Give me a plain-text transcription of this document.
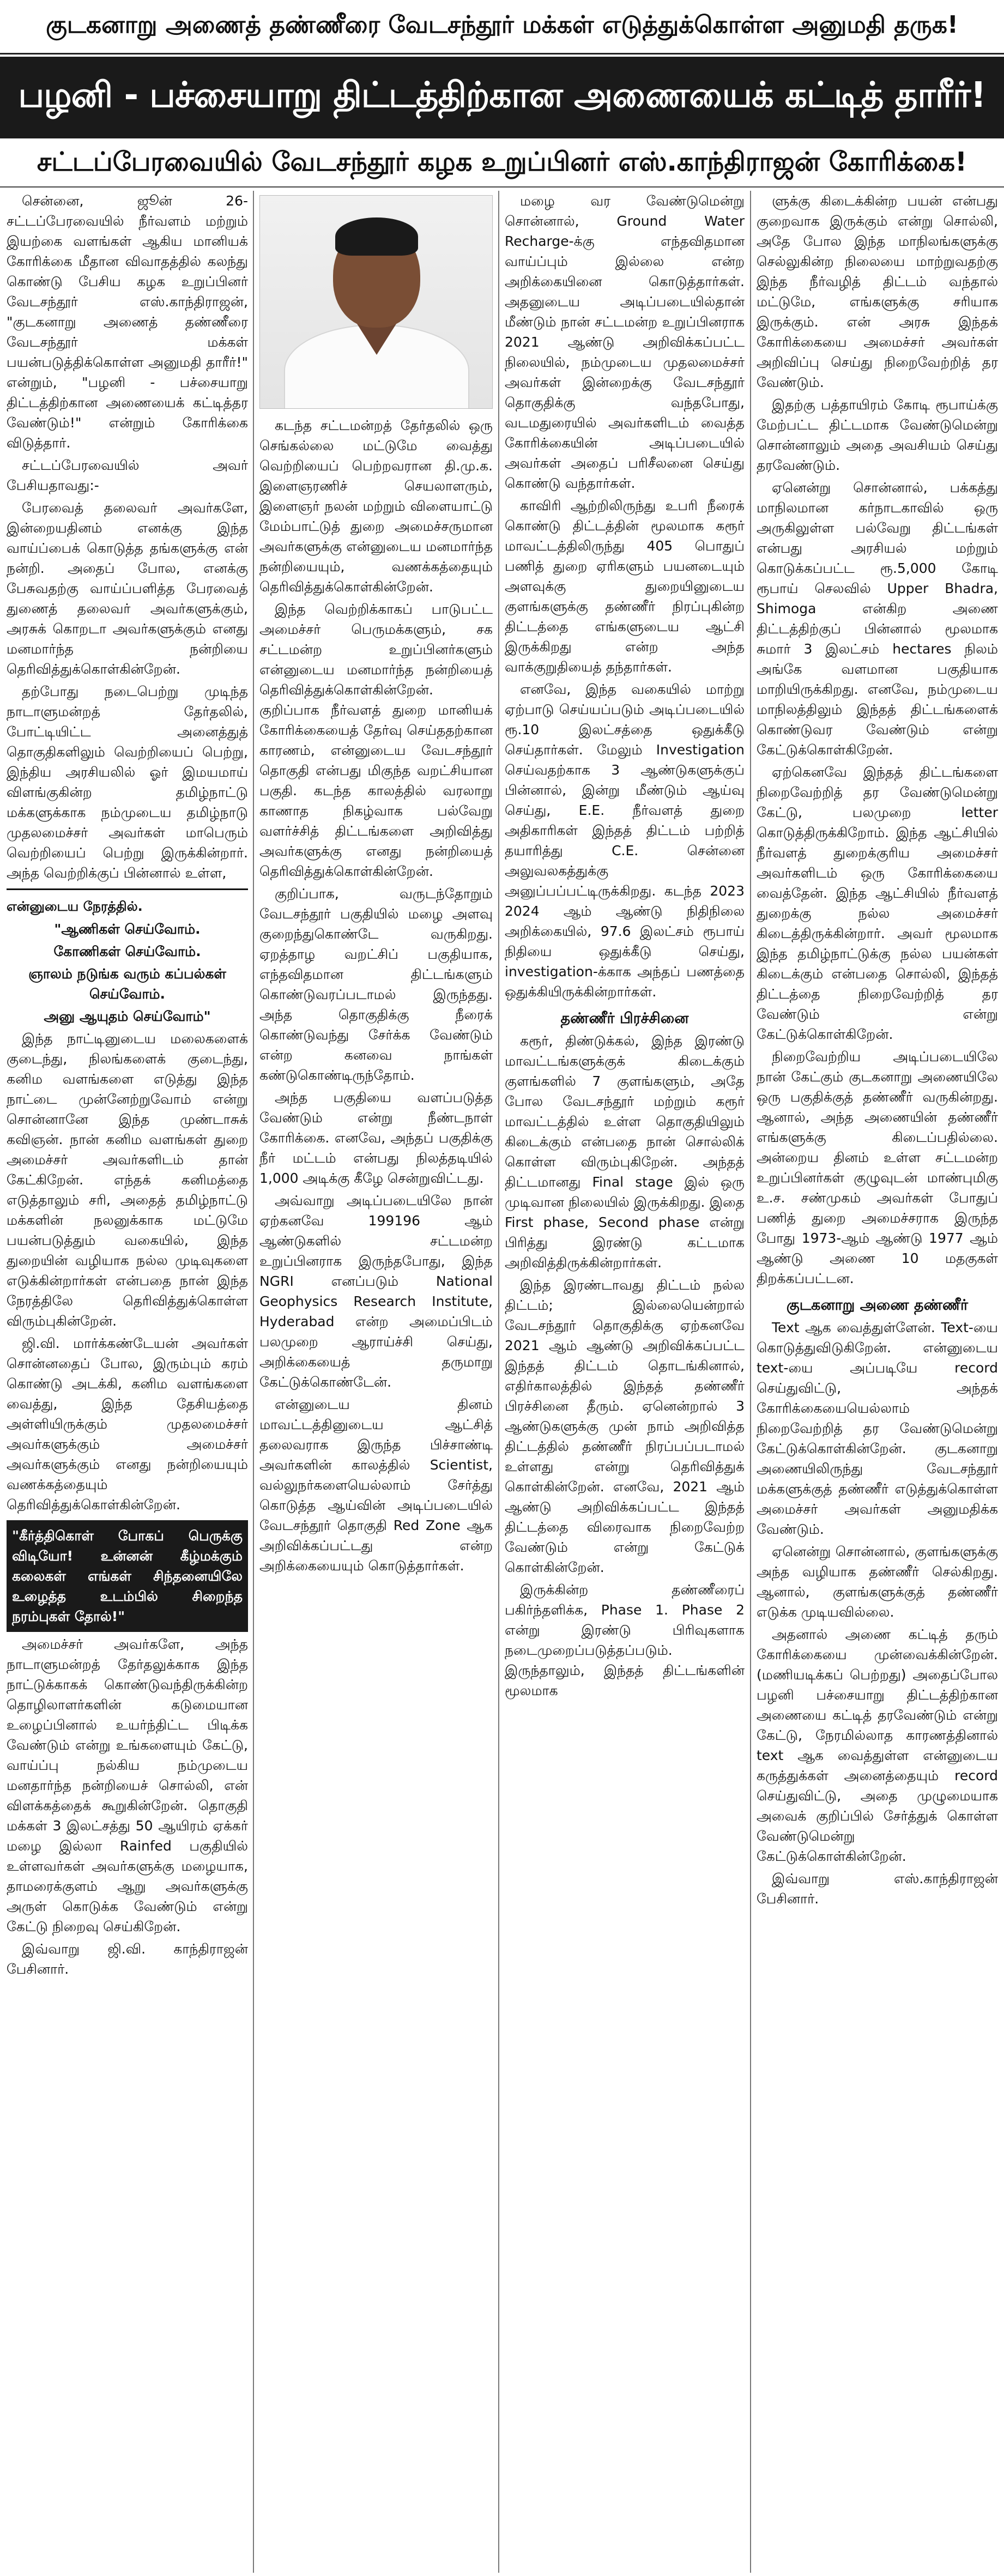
குடகனாறு அணைத் தண்ணீரை வேடசந்தூர் மக்கள் எடுத்துக்கொள்ள அனுமதி தருக!
பழனி - பச்சையாறு திட்டத்திற்கான அணையைக் கட்டித் தாரீர்!
சட்டப்பேரவையில் வேடசந்தூர் கழக உறுப்பினர் எஸ்.காந்திராஜன் கோரிக்கை!

சென்னை, ஜூன் 26- சட்டப்பேரவையில் நீர்வளம் மற்றும் இயற்கை வளங்கள் ஆகிய மானியக் கோரிக்கை மீதான விவாதத்தில் கலந்து கொண்டு பேசிய கழக உறுப்பினர் வேடசந்தூர் எஸ்.காந்திராஜன், "குடகனாறு அணைத் தண்ணீரை வேடசந்தூர் மக்கள் பயன்படுத்திக்கொள்ள அனுமதி தாரீர்!" என்றும், "பழனி - பச்சையாறு திட்டத்திற்கான அணையைக் கட்டித்தர வேண்டும்!" என்றும் கோரிக்கை விடுத்தார்.

சட்டப்பேரவையில் அவர் பேசியதாவது:-

பேரவைத் தலைவர் அவர்களே, இன்றையதினம் எனக்கு இந்த வாய்ப்பைக் கொடுத்த தங்களுக்கு என் நன்றி. அதைப் போல, எனக்கு பேசுவதற்கு வாய்ப்பளித்த பேரவைத் துணைத் தலைவர் அவர்களுக்கும், அரசுக் கொறடா அவர்களுக்கும் எனது மனமார்ந்த நன்றியை தெரிவித்துக்கொள்கின்றேன்.

தற்போது நடைபெற்று முடிந்த நாடாளுமன்றத் தேர்தலில், போட்டியிட்ட அனைத்துத் தொகுதிகளிலும் வெற்றியைப் பெற்று, இந்திய அரசியலில் ஓர் இமயமாய் விளங்குகின்ற தமிழ்நாட்டு மக்களுக்காக நம்முடைய தமிழ்நாடு முதலமைச்சர் அவர்கள் மாபெரும் வெற்றியைப் பெற்று இருக்கின்றார். அந்த வெற்றிக்குப் பின்னால் உள்ள,

என்னுடைய நேரத்தில்.

"ஆணிகள் செய்வோம்.

கோணிகள் செய்வோம்.

ஞாலம் நடுங்க வரும் கப்பல்கள் செய்வோம்.

அனு ஆயுதம் செய்வோம்"

இந்த நாட்டினுடைய மலைகளைக் குடைந்து, நிலங்களைக் குடைந்து, கனிம வளங்களை எடுத்து இந்த நாட்டை முன்னேற்றுவோம் என்று சொன்னானே இந்த முண்டாசுக் கவிஞன். நான் கனிம வளங்கள் துறை அமைச்சர் அவர்களிடம் தான் கேட்கிறேன். எந்தக் கனிமத்தை எடுத்தாலும் சரி, அதைத் தமிழ்நாட்டு மக்களின் நலனுக்காக மட்டுமே பயன்படுத்தும் வகையில், இந்த துறையின் வழியாக நல்ல முடிவுகளை எடுக்கின்றார்கள் என்பதை நான் இந்த நேரத்திலே தெரிவித்துக்கொள்ள விரும்புகின்றேன்.

ஜி.வி. மார்க்கண்டேயன் அவர்கள் சொன்னதைப் போல, இரும்பும் கரம் கொண்டு அடக்கி, கனிம வளங்களை வைத்து, இந்த தேசியத்தை அள்ளியிருக்கும் முதலமைச்சர் அவர்களுக்கும் அமைச்சர் அவர்களுக்கும் எனது நன்றியையும் வணக்கத்தையும் தெரிவித்துக்கொள்கின்றேன்.

"கீர்த்திகொள் போகப் பெருக்கு விடியோ! உன்னன் கீழ்மக்கும் கலைகள் எங்கள் சிந்தனையிலே உழைத்த உடம்பில் சிறைந்த நரம்புகள் தோல்!"

அமைச்சர் அவர்களே, அந்த நாடாளுமன்றத் தேர்தலுக்காக இந்த நாட்டுக்காகக் கொண்டுவந்திருக்கின்ற தொழிலாளர்களின் கடுமையான உழைப்பினால் உயர்ந்திட்ட பிடிக்க வேண்டும் என்று உங்களையும் கேட்டு, வாய்ப்பு நல்கிய நம்முடைய மனதார்ந்த நன்றியைச் சொல்லி, என் விளக்கத்தைக் கூறுகின்றேன். தொகுதி மக்கள் 3 இலட்சத்து 50 ஆயிரம் ஏக்கர் மழை இல்லா Rainfed பகுதியில் உள்ளவர்கள் அவர்களுக்கு மழையாக, தாமரைக்குளம் ஆறு அவர்களுக்கு அருள் கொடுக்க வேண்டும் என்று கேட்டு நிறைவு செய்கிறேன்.

இவ்வாறு ஜி.வி. காந்திராஜன் பேசினார்.

கடந்த சட்டமன்றத் தேர்தலில் ஒரு செங்கல்லை மட்டுமே வைத்து வெற்றியைப் பெற்றவரான தி.மு.க. இளைஞரணிச் செயலாளரும், இளைஞர் நலன் மற்றும் விளையாட்டு மேம்பாட்டுத் துறை அமைச்சருமான அவர்களுக்கு என்னுடைய மனமார்ந்த நன்றியையும், வணக்கத்தையும் தெரிவித்துக்கொள்கின்றேன்.

இந்த வெற்றிக்காகப் பாடுபட்ட அமைச்சர் பெருமக்களும், சக சட்டமன்ற உறுப்பினர்களும் என்னுடைய மனமார்ந்த நன்றியைத் தெரிவித்துக்கொள்கின்றேன். குறிப்பாக நீர்வளத் துறை மானியக் கோரிக்கையைத் தேர்வு செய்ததற்கான காரணம், என்னுடைய வேடசந்தூர் தொகுதி என்பது மிகுந்த வறட்சியான பகுதி. கடந்த காலத்தில் வரலாறு காணாத நிகழ்வாக பல்வேறு வளர்ச்சித் திட்டங்களை அறிவித்து அவர்களுக்கு எனது நன்றியைத் தெரிவித்துக்கொள்கின்றேன்.

குறிப்பாக, வருடந்தோறும் வேடசந்தூர் பகுதியில் மழை அளவு குறைந்துகொண்டே வருகிறது. ஏறத்தாழ வறட்சிப் பகுதியாக, எந்தவிதமான திட்டங்களும் கொண்டுவரப்படாமல் இருந்தது. அந்த தொகுதிக்கு நீரைக் கொண்டுவந்து சேர்க்க வேண்டும் என்ற கனவை நாங்கள் கண்டுகொண்டிருந்தோம்.

அந்த பகுதியை வளப்படுத்த வேண்டும் என்று நீண்டநாள் கோரிக்கை. எனவே, அந்தப் பகுதிக்கு நீர் மட்டம் என்பது நிலத்தடியில் 1,000 அடிக்கு கீழே சென்றுவிட்டது.

அவ்வாறு அடிப்படையிலே நான் ஏற்கனவே 199196 ஆம் ஆண்டுகளில் சட்டமன்ற உறுப்பினராக இருந்தபோது, இந்த NGRI எனப்படும் National Geophysics Research Institute, Hyderabad என்ற அமைப்பிடம் பலமுறை ஆராய்ச்சி செய்து, அறிக்கையைத் தருமாறு கேட்டுக்கொண்டேன்.

என்னுடைய தினம் மாவட்டத்தினுடைய ஆட்சித் தலைவராக இருந்த பிச்சாண்டி அவர்களின் காலத்தில் Scientist, வல்லுநர்களையெல்லாம் சேர்த்து கொடுத்த ஆய்வின் அடிப்படையில் வேடசந்தூர் தொகுதி Red Zone ஆக அறிவிக்கப்பட்டது என்ற அறிக்கையையும் கொடுத்தார்கள்.

மழை வர வேண்டுமென்று சொன்னால், Ground Water Recharge-க்கு எந்தவிதமான வாய்ப்பும் இல்லை என்ற அறிக்கையினை கொடுத்தார்கள். அதனுடைய அடிப்படையில்தான் மீண்டும் நான் சட்டமன்ற உறுப்பினராக 2021 ஆண்டு அறிவிக்கப்பட்ட நிலையில், நம்முடைய முதலமைச்சர் அவர்கள் இன்றைக்கு வேடசந்தூர் தொகுதிக்கு வந்தபோது, வடமதுரையில் அவர்களிடம் வைத்த கோரிக்கையின் அடிப்படையில் அவர்கள் அதைப் பரிசீலனை செய்து கொண்டு வந்தார்கள்.

காவிரி ஆற்றிலிருந்து உபரி நீரைக் கொண்டு திட்டத்தின் மூலமாக கரூர் மாவட்டத்திலிருந்து 405 பொதுப் பணித் துறை ஏரிகளும் பயனடையும் அளவுக்கு துறையினுடைய குளங்களுக்கு தண்ணீர் நிரப்புகின்ற திட்டத்தை எங்களுடைய ஆட்சி இருக்கிறது என்ற அந்த வாக்குறுதியைத் தந்தார்கள்.

எனவே, இந்த வகையில் மாற்று ஏற்பாடு செய்யப்படும் அடிப்படையில் ரூ.10 இலட்சத்தை ஒதுக்கீடு செய்தார்கள். மேலும் Investigation செய்வதற்காக 3 ஆண்டுகளுக்குப் பின்னால், இன்று மீண்டும் ஆய்வு செய்து, E.E. நீர்வளத் துறை அதிகாரிகள் இந்தத் திட்டம் பற்றித் தயாரித்து C.E. சென்னை அலுவலகத்துக்கு அனுப்பப்பட்டிருக்கிறது. கடந்த 2023 2024 ஆம் ஆண்டு நிதிநிலை அறிக்கையில், 97.6 இலட்சம் ரூபாய் நிதியை ஒதுக்கீடு செய்து, investigation-க்காக அந்தப் பணத்தை ஒதுக்கியிருக்கின்றார்கள்.

தண்ணீர் பிரச்சினை

கரூர், திண்டுக்கல், இந்த இரண்டு மாவட்டங்களுக்குக் கிடைக்கும் குளங்களில் 7 குளங்களும், அதே போல வேடசந்தூர் மற்றும் கரூர் மாவட்டத்தில் உள்ள தொகுதியிலும் கிடைக்கும் என்பதை நான் சொல்லிக் கொள்ள விரும்புகிறேன். அந்தத் திட்டமானது Final stage இல் ஒரு முடிவான நிலையில் இருக்கிறது. இதை First phase, Second phase என்று பிரித்து இரண்டு கட்டமாக அறிவித்திருக்கின்றார்கள்.

இந்த இரண்டாவது திட்டம் நல்ல திட்டம்; இல்லையென்றால் வேடசந்தூர் தொகுதிக்கு ஏற்கனவே 2021 ஆம் ஆண்டு அறிவிக்கப்பட்ட இந்தத் திட்டம் தொடங்கினால், எதிர்காலத்தில் இந்தத் தண்ணீர் பிரச்சினை தீரும். ஏனென்றால் 3 ஆண்டுகளுக்கு முன் நாம் அறிவித்த திட்டத்தில் தண்ணீர் நிரப்பப்படாமல் உள்ளது என்று தெரிவித்துக் கொள்கின்றேன். எனவே, 2021 ஆம் ஆண்டு அறிவிக்கப்பட்ட இந்தத் திட்டத்தை விரைவாக நிறைவேற்ற வேண்டும் என்று கேட்டுக் கொள்கின்றேன்.

இருக்கின்ற தண்ணீரைப் பகிர்ந்தளிக்க, Phase 1. Phase 2 என்று இரண்டு பிரிவுகளாக நடைமுறைப்படுத்தப்படும். இருந்தாலும், இந்தத் திட்டங்களின் மூலமாக

ளுக்கு கிடைக்கின்ற பயன் என்பது குறைவாக இருக்கும் என்று சொல்லி, அதே போல இந்த மாநிலங்களுக்கு செல்லுகின்ற நிலையை மாற்றுவதற்கு இந்த நீர்வழித் திட்டம் வந்தால் மட்டுமே, எங்களுக்கு சரியாக இருக்கும். என் அரசு இந்தக் கோரிக்கையை அமைச்சர் அவர்கள் அறிவிப்பு செய்து நிறைவேற்றித் தர வேண்டும்.

இதற்கு பத்தாயிரம் கோடி ரூபாய்க்கு மேற்பட்ட திட்டமாக வேண்டுமென்று சொன்னாலும் அதை அவசியம் செய்து தரவேண்டும்.

ஏனென்று சொன்னால், பக்கத்து மாநிலமான கர்நாடகாவில் ஒரு அருகிலுள்ள பல்வேறு திட்டங்கள் என்பது அரசியல் மற்றும் கொடுக்கப்பட்ட ரூ.5,000 கோடி ரூபாய் செலவில் Upper Bhadra, Shimoga என்கிற அணை திட்டத்திற்குப் பின்னால் மூலமாக சுமார் 3 இலட்சம் hectares நிலம் அங்கே வளமான பகுதியாக மாறியிருக்கிறது. எனவே, நம்முடைய மாநிலத்திலும் இந்தத் திட்டங்களைக் கொண்டுவர வேண்டும் என்று கேட்டுக்கொள்கிறேன்.

ஏற்கெனவே இந்தத் திட்டங்களை நிறைவேற்றித் தர வேண்டுமென்று கேட்டு, பலமுறை letter கொடுத்திருக்கிறோம். இந்த ஆட்சியில் நீர்வளத் துறைக்குரிய அமைச்சர் அவர்களிடம் ஒரு கோரிக்கையை வைத்தேன். இந்த ஆட்சியில் நீர்வளத் துறைக்கு நல்ல அமைச்சர் கிடைத்திருக்கின்றார். அவர் மூலமாக இந்த தமிழ்நாட்டுக்கு நல்ல பயன்கள் கிடைக்கும் என்பதை சொல்லி, இந்தத் திட்டத்தை நிறைவேற்றித் தர வேண்டும் என்று கேட்டுக்கொள்கிறேன்.

நிறைவேற்றிய அடிப்படையிலே நான் கேட்கும் குடகனாறு அணையிலே ஒரு பகுதிக்குத் தண்ணீர் வருகின்றது. ஆனால், அந்த அணையின் தண்ணீர் எங்களுக்கு கிடைப்பதில்லை. அன்றைய தினம் உள்ள சட்டமன்ற உறுப்பினர்கள் குழுவுடன் மாண்புமிகு உ.ச. சண்முகம் அவர்கள் போதுப் பணித் துறை அமைச்சராக இருந்த போது 1973-ஆம் ஆண்டு 1977 ஆம் ஆண்டு அணை 10 மதகுகள் திறக்கப்பட்டன.

குடகனாறு அணை தண்ணீர்

Text ஆக வைத்துள்ளேன். Text-யை கொடுத்துவிடுகிறேன். என்னுடைய text-யை அப்படியே record செய்துவிட்டு, அந்தக் கோரிக்கையையெல்லாம் நிறைவேற்றித் தர வேண்டுமென்று கேட்டுக்கொள்கின்றேன். குடகனாறு அணையிலிருந்து வேடசந்தூர் மக்களுக்குத் தண்ணீர் எடுத்துக்கொள்ள அமைச்சர் அவர்கள் அனுமதிக்க வேண்டும்.

ஏனென்று சொன்னால், குளங்களுக்கு அந்த வழியாக தண்ணீர் செல்கிறது. ஆனால், குளங்களுக்குத் தண்ணீர் எடுக்க முடியவில்லை.

அதனால் அணை கட்டித் தரும் கோரிக்கையை முன்வைக்கின்றேன். (மணியடிக்கப் பெற்றது) அதைப்போல பழனி பச்சையாறு திட்டத்திற்கான அணையை கட்டித் தரவேண்டும் என்று கேட்டு, நேரமில்லாத காரணத்தினால் text ஆக வைத்துள்ள என்னுடைய கருத்துக்கள் அனைத்தையும் record செய்துவிட்டு, அதை முழுமையாக அவைக் குறிப்பில் சேர்த்துக் கொள்ள வேண்டுமென்று கேட்டுக்கொள்கின்றேன்.

இவ்வாறு எஸ்.காந்திராஜன் பேசினார்.
